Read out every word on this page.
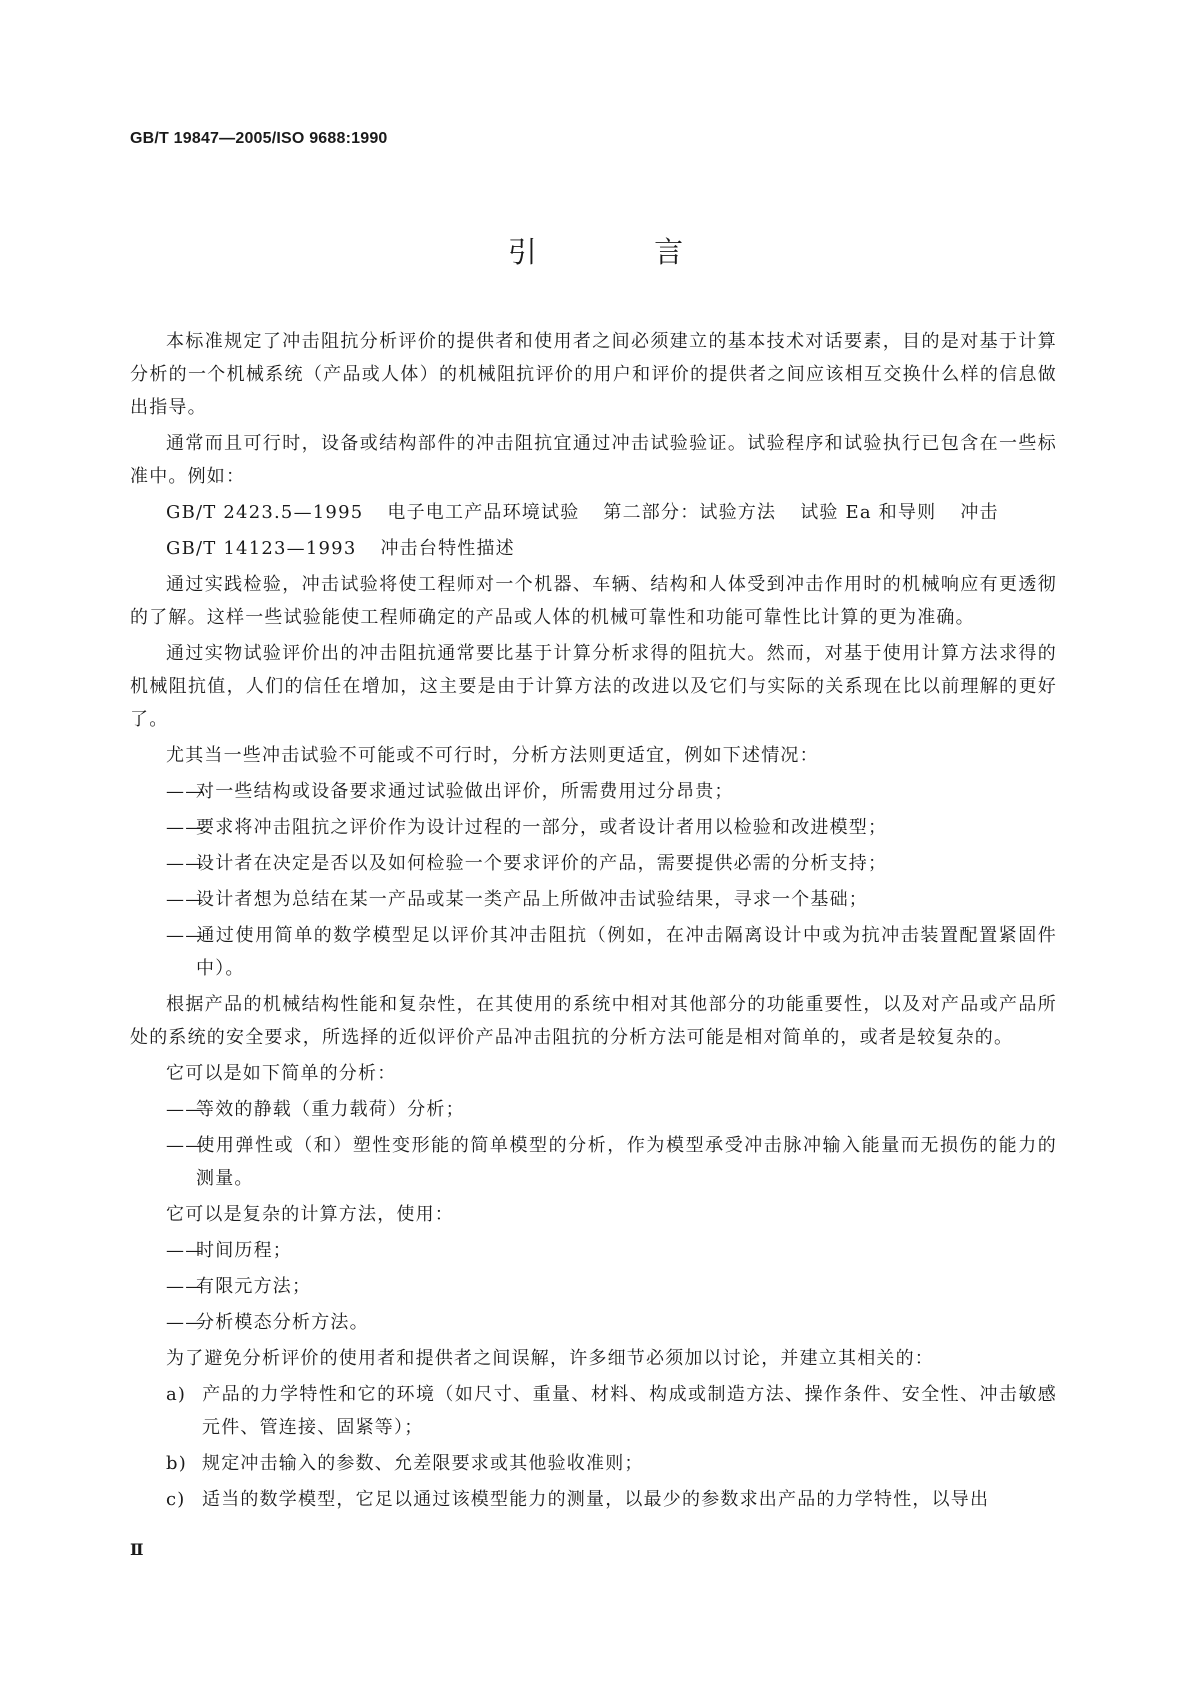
GB/T 19847—2005/ISO 9688:1990
引 言

本标准规定了冲击阻抗分析评价的提供者和使用者之间必须建立的基本技术对话要素，目的是对基于计算分析的一个机械系统（产品或人体）的机械阻抗评价的用户和评价的提供者之间应该相互交换什么样的信息做出指导。

通常而且可行时，设备或结构部件的冲击阻抗宜通过冲击试验验证。试验程序和试验执行已包含在一些标准中。例如：

GB/T 2423.5—1995 电子电工产品环境试验 第二部分：试验方法 试验 Ea 和导则 冲击

GB/T 14123—1993 冲击台特性描述

通过实践检验，冲击试验将使工程师对一个机器、车辆、结构和人体受到冲击作用时的机械响应有更透彻的了解。这样一些试验能使工程师确定的产品或人体的机械可靠性和功能可靠性比计算的更为准确。

通过实物试验评价出的冲击阻抗通常要比基于计算分析求得的阻抗大。然而，对基于使用计算方法求得的机械阻抗值，人们的信任在增加，这主要是由于计算方法的改进以及它们与实际的关系现在比以前理解的更好了。

尤其当一些冲击试验不可能或不可行时，分析方法则更适宜，例如下述情况：

——对一些结构或设备要求通过试验做出评价，所需费用过分昂贵；

——要求将冲击阻抗之评价作为设计过程的一部分，或者设计者用以检验和改进模型；

——设计者在决定是否以及如何检验一个要求评价的产品，需要提供必需的分析支持；

——设计者想为总结在某一产品或某一类产品上所做冲击试验结果，寻求一个基础；

——通过使用简单的数学模型足以评价其冲击阻抗（例如，在冲击隔离设计中或为抗冲击装置配置紧固件中）。

根据产品的机械结构性能和复杂性，在其使用的系统中相对其他部分的功能重要性，以及对产品或产品所处的系统的安全要求，所选择的近似评价产品冲击阻抗的分析方法可能是相对简单的，或者是较复杂的。

它可以是如下简单的分析：

——等效的静载（重力载荷）分析；

——使用弹性或（和）塑性变形能的简单模型的分析，作为模型承受冲击脉冲输入能量而无损伤的能力的测量。

它可以是复杂的计算方法，使用：

——时间历程；

——有限元方法；

——分析模态分析方法。

为了避免分析评价的使用者和提供者之间误解，许多细节必须加以讨论，并建立其相关的：

a) 产品的力学特性和它的环境（如尺寸、重量、材料、构成或制造方法、操作条件、安全性、冲击敏感元件、管连接、固紧等）；

b) 规定冲击输入的参数、允差限要求或其他验收准则；

c) 适当的数学模型，它足以通过该模型能力的测量，以最少的参数求出产品的力学特性，以导出

Ⅱ
